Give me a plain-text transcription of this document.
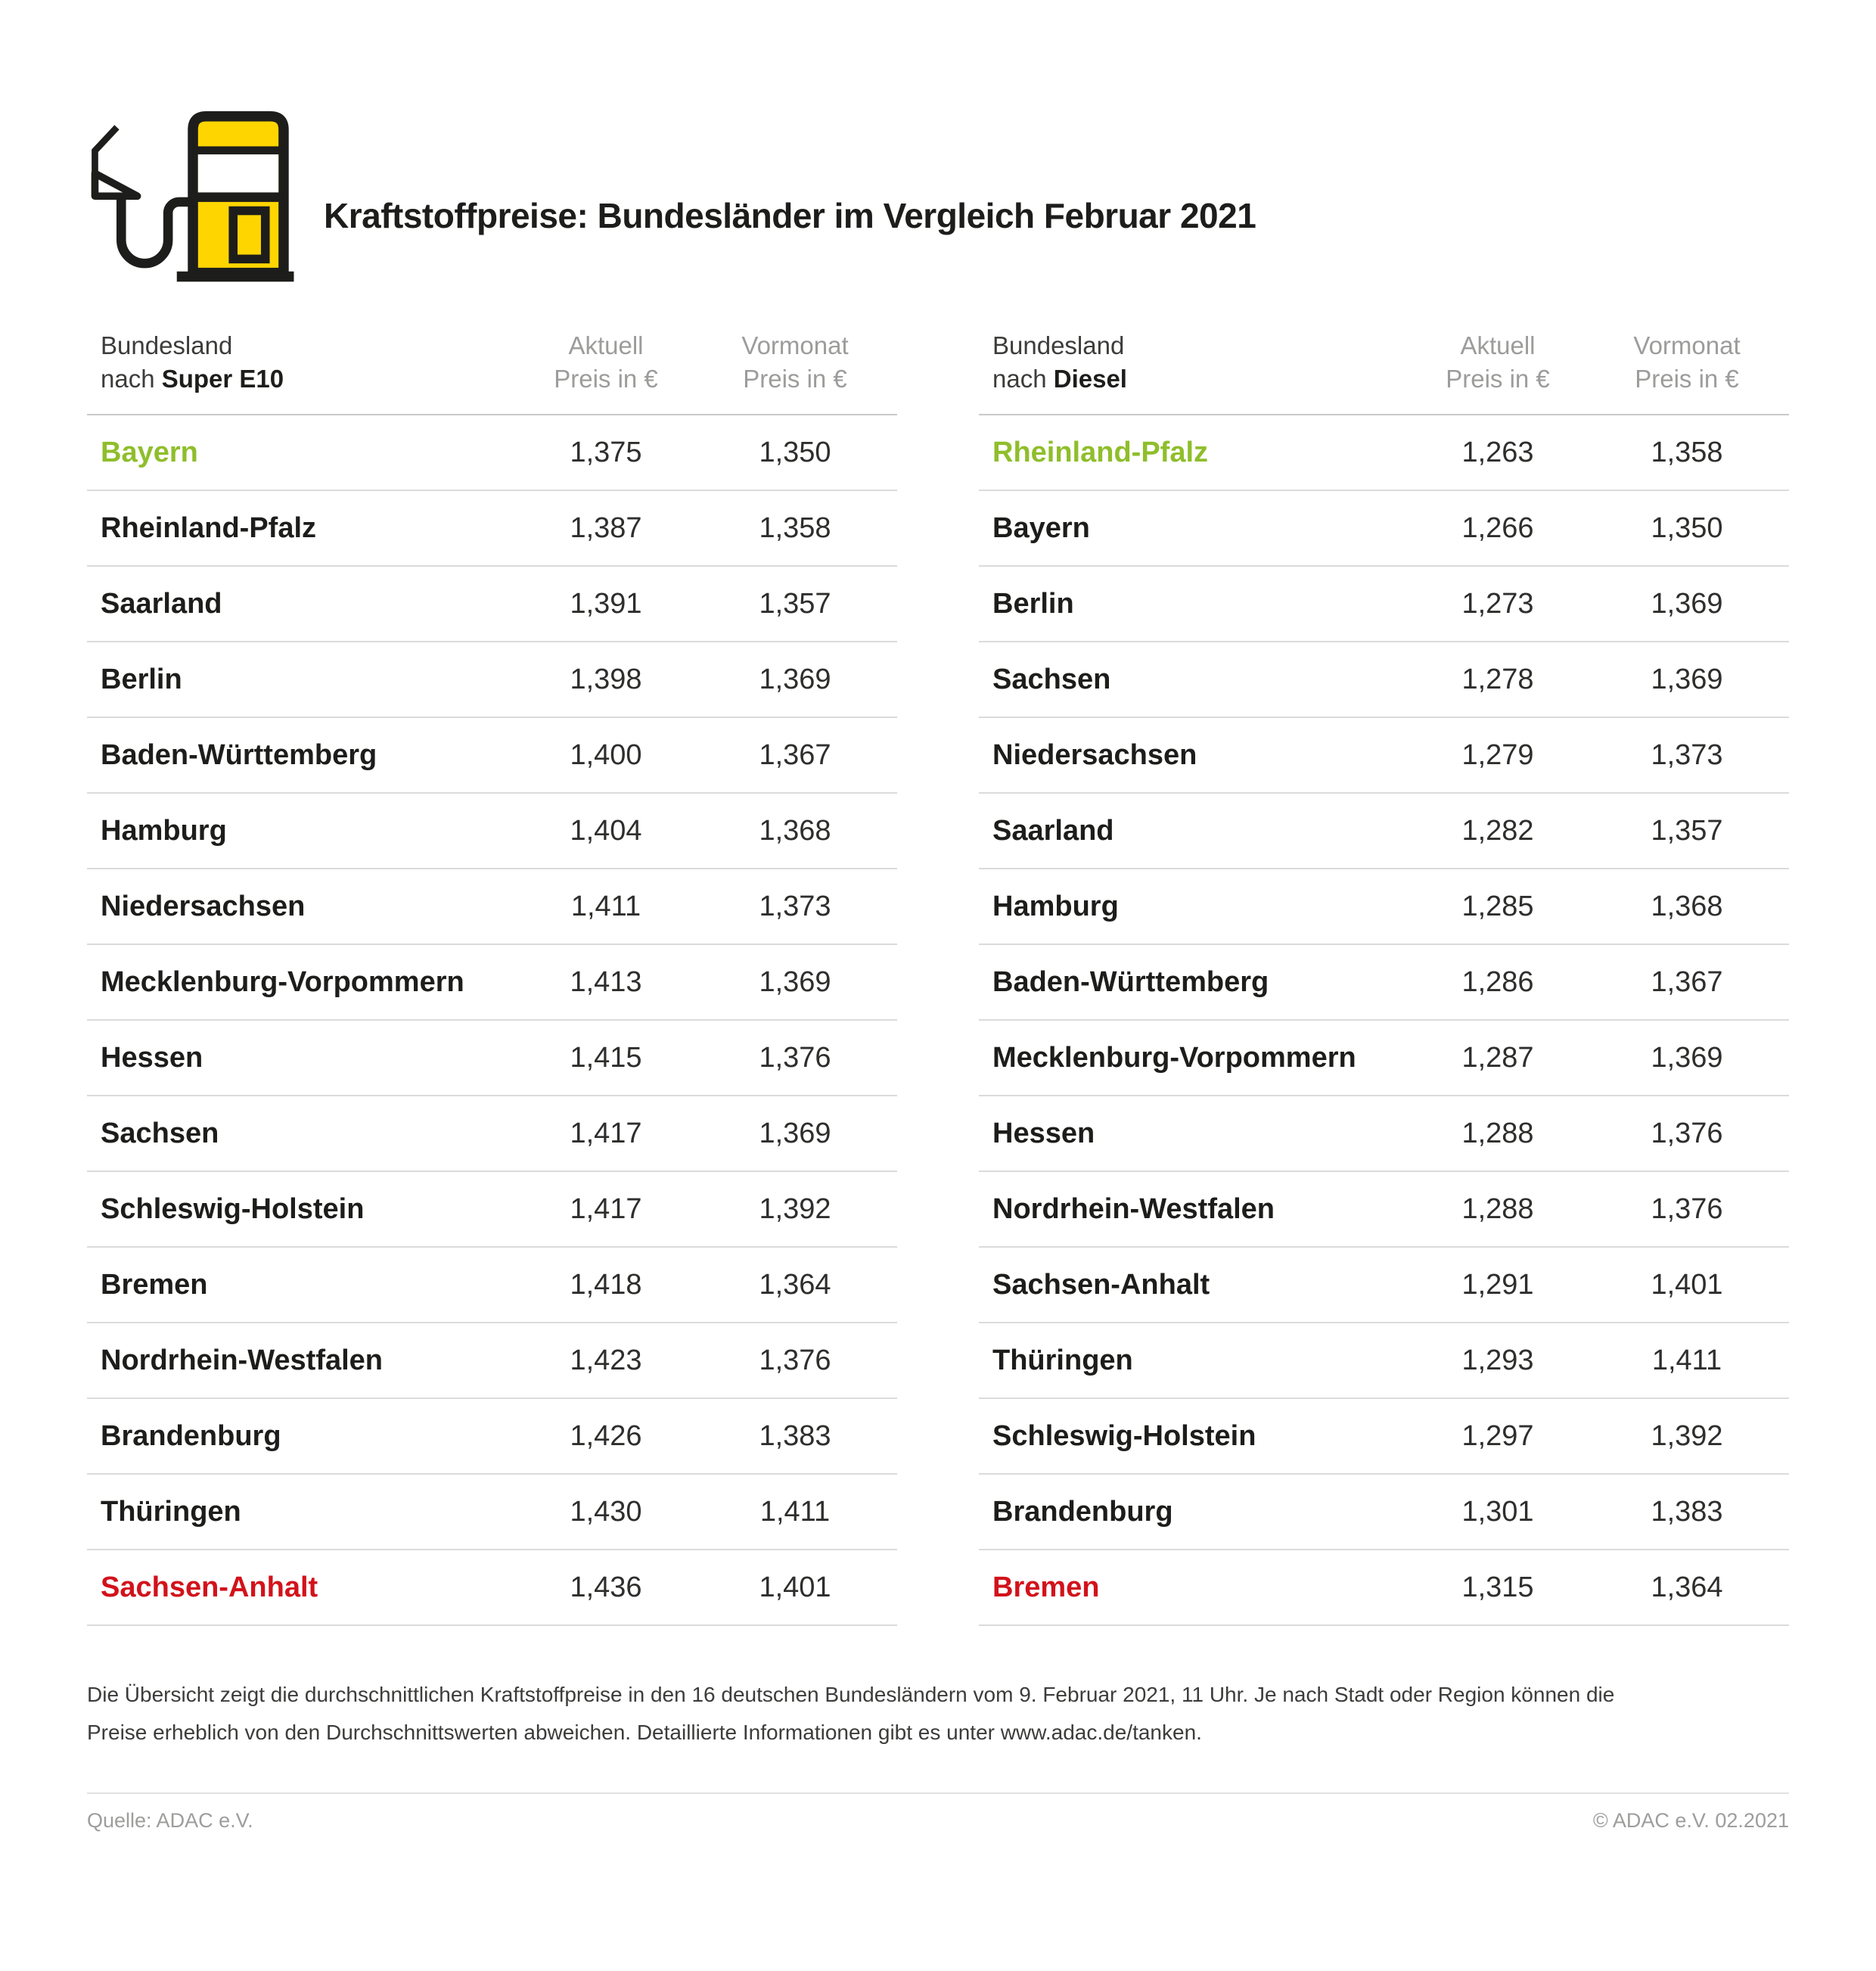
Kraftstoffpreise: Bundesländer im Vergleich Februar 2021
Bundesland
nach Super E10
Aktuell
Preis in €
Vormonat
Preis in €
Bayern	1,375	1,350
Rheinland-Pfalz	1,387	1,358
Saarland	1,391	1,357
Berlin	1,398	1,369
Baden-Württemberg	1,400	1,367
Hamburg	1,404	1,368
Niedersachsen	1,411	1,373
Mecklenburg-Vorpommern	1,413	1,369
Hessen	1,415	1,376
Sachsen	1,417	1,369
Schleswig-Holstein	1,417	1,392
Bremen	1,418	1,364
Nordrhein-Westfalen	1,423	1,376
Brandenburg	1,426	1,383
Thüringen	1,430	1,411
Sachsen-Anhalt	1,436	1,401
Bundesland
nach Diesel
Aktuell
Preis in €
Vormonat
Preis in €
Rheinland-Pfalz	1,263	1,358
Bayern	1,266	1,350
Berlin	1,273	1,369
Sachsen	1,278	1,369
Niedersachsen	1,279	1,373
Saarland	1,282	1,357
Hamburg	1,285	1,368
Baden-Württemberg	1,286	1,367
Mecklenburg-Vorpommern	1,287	1,369
Hessen	1,288	1,376
Nordrhein-Westfalen	1,288	1,376
Sachsen-Anhalt	1,291	1,401
Thüringen	1,293	1,411
Schleswig-Holstein	1,297	1,392
Brandenburg	1,301	1,383
Bremen	1,315	1,364

Die Übersicht zeigt die durchschnittlichen Kraftstoffpreise in den 16 deutschen Bundesländern vom 9. Februar 2021, 11 Uhr. Je nach Stadt oder Region können die
Preise erheblich von den Durchschnittswerten abweichen. Detaillierte Informationen gibt es unter www.adac.de/tanken.

Quelle: ADAC e.V.	© ADAC e.V. 02.2021
